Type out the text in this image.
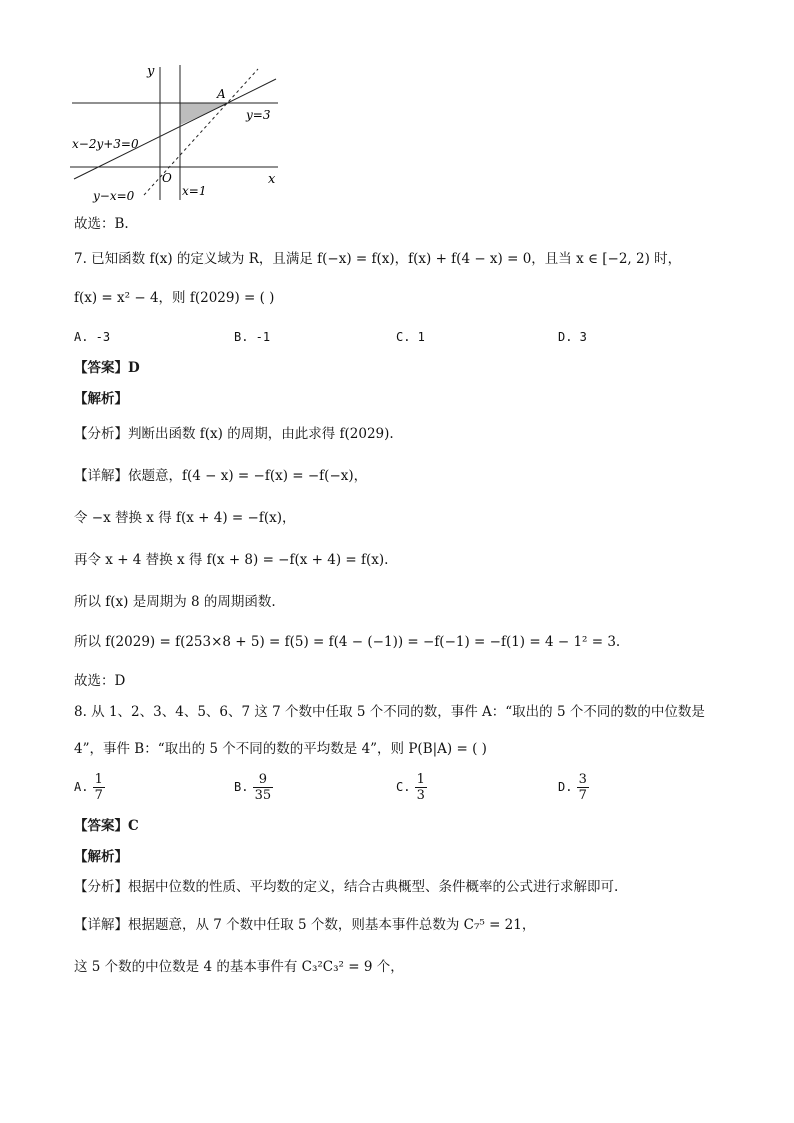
y
x
A
y=3
x−2y+3=0
O
x=1
y−x=0
故选：B.
7. 已知函数 f(x) 的定义域为 R，且满足 f(−x) = f(x)，f(x) + f(4 − x) = 0，且当 x ∈ [−2, 2) 时，
f(x) = x² − 4，则 f(2029) = ( )
A. -3	B. -1	C. 1	D. 3
【答案】D
【解析】
【分析】判断出函数 f(x) 的周期，由此求得 f(2029).
【详解】依题意，f(4 − x) = −f(x) = −f(−x)，
令 −x 替换 x 得 f(x + 4) = −f(x)，
再令 x + 4 替换 x 得 f(x + 8) = −f(x + 4) = f(x).
所以 f(x) 是周期为 8 的周期函数.
所以 f(2029) = f(253×8 + 5) = f(5) = f(4 − (−1)) = −f(−1) = −f(1) = 4 − 1² = 3.
故选：D
8. 从 1、2、3、4、5、6、7 这 7 个数中任取 5 个不同的数，事件 A：“取出的 5 个不同的数的中位数是
4”，事件 B：“取出的 5 个不同的数的平均数是 4”，则 P(B|A) = ( )
A. $\frac{1}{7}$	B. $\frac{9}{35}$	C. $\frac{1}{3}$	D. $\frac{3}{7}$
【答案】C
【解析】
【分析】根据中位数的性质、平均数的定义，结合古典概型、条件概率的公式进行求解即可.
【详解】根据题意，从 7 个数中任取 5 个数，则基本事件总数为 C₇⁵ = 21，
这 5 个数的中位数是 4 的基本事件有 C₃²C₃² = 9 个，
